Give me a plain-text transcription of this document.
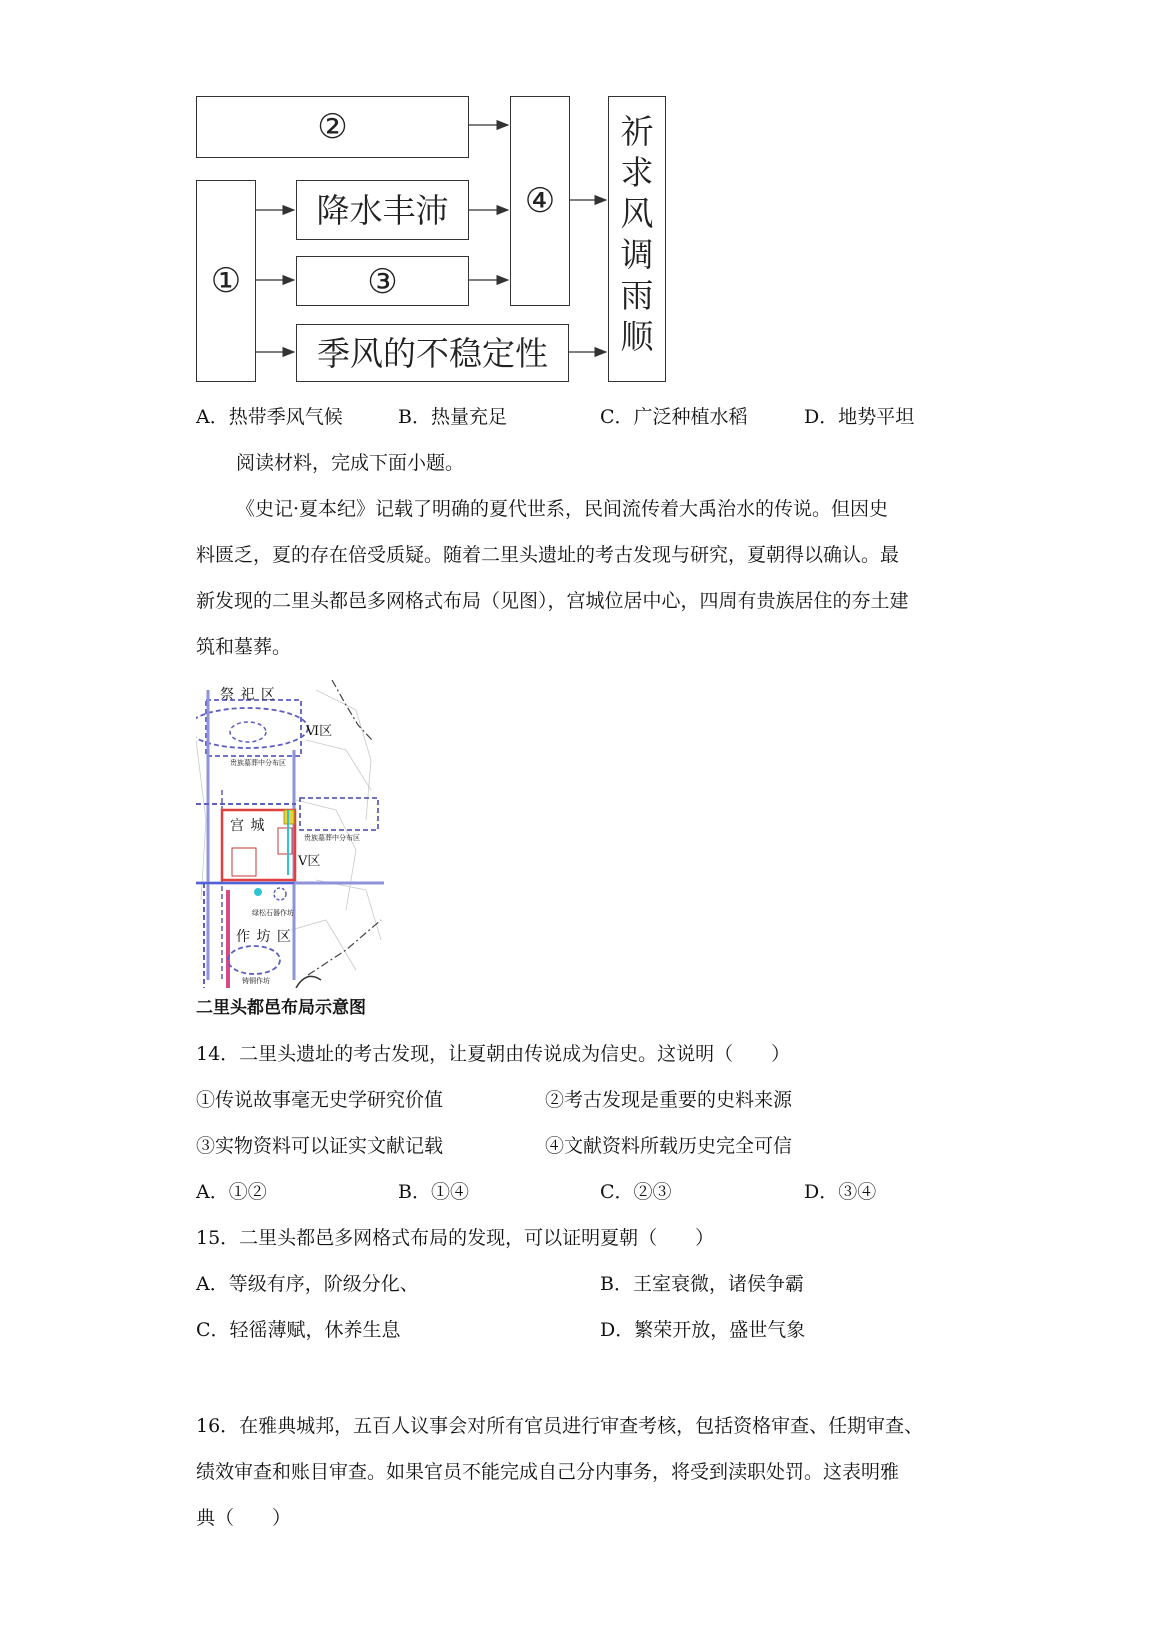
②
①
降水丰沛
③
季风的不稳定性
④
祈
求
风
调
雨
顺
A．热带季风气候	B．热量充足	C．广泛种植水稻	D．地势平坦
阅读材料，完成下面小题。
《史记·夏本纪》记载了明确的夏代世系，民间流传着大禹治水的传说。但因史
料匮乏，夏的存在倍受质疑。随着二里头遗址的考古发现与研究，夏朝得以确认。最
新发现的二里头都邑多网格式布局（见图），宫城位居中心，四周有贵族居住的夯土建
筑和墓葬。
祭 祀 区
Ⅵ区
贵族墓葬中分布区
宫 城
贵族墓葬中分布区
Ⅴ区
绿松石器作坊
作 坊 区
铸铜作坊
二里头都邑布局示意图
14．二里头遗址的考古发现，让夏朝由传说成为信史。这说明（　　）
①传说故事毫无史学研究价值	②考古发现是重要的史料来源
③实物资料可以证实文献记载	④文献资料所载历史完全可信
A．①②	B．①④	C．②③	D．③④
15．二里头都邑多网格式布局的发现，可以证明夏朝（　　）
A．等级有序，阶级分化、	B．王室衰微，诸侯争霸
C．轻徭薄赋，休养生息	D．繁荣开放，盛世气象
16．在雅典城邦，五百人议事会对所有官员进行审查考核，包括资格审查、任期审查、
绩效审查和账目审查。如果官员不能完成自己分内事务，将受到渎职处罚。这表明雅
典（　　）
